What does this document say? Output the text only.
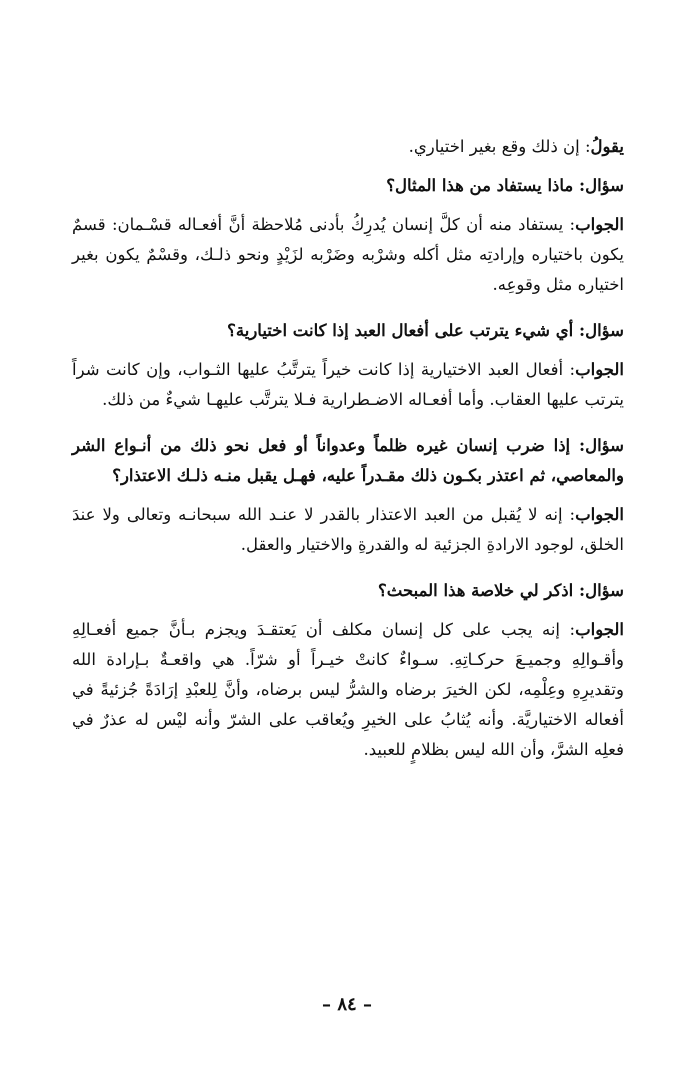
يقولُ: إن ذلك وقع بغير اختياري.

سؤال: ماذا يستفاد من هذا المثال؟

الجواب: يستفاد منه أن كلَّ إنسان يُدرِكُ بأدنى مُلاحظة أنَّ أفعـاله قسْـمان: قسمٌ يكون باختياره وإرادتِه مثل أكله وشرْبه وضَرْبه لزَيْدٍ ونحو ذلـك، وقسْمٌ يكون بغير اختياره مثل وقوعِه.

سؤال: أي شيء يترتب على أفعال العبد إذا كانت اختيارية؟

الجواب: أفعال العبد الاختيارية إذا كانت خيراً يترتَّبُ عليها الثـواب، وإن كانت شراً يترتب عليها العقاب. وأما أفعـاله الاضـطرارية فـلا يترتَّب عليهـا شيءٌ من ذلك.

سؤال: إذا ضرب إنسان غيره ظلماً وعدواناً أو فعل نحو ذلك من أنـواع الشر والمعاصي، ثم اعتذر بكـون ذلك مقـدراً عليه، فهـل يقبل منـه ذلـك الاعتذار؟

الجواب: إنه لا يُقبل من العبد الاعتذار بالقدر لا عنـد الله سبحانـه وتعالى ولا عندَ الخلق، لوجود الارادةِ الجزئية له والقدرةِ والاختيار والعقل.

سؤال: اذكر لي خلاصة هذا المبحث؟

الجواب: إنه يجب على كل إنسان مكلف أن يَعتقـدَ ويجزم بـأنَّ جميع أفعـالِهِ وأقـوالِهِ وجميـعَ حركـاتِهِ. سـواءٌ كانتْ خيـراً أو شرّاً. هي واقعـةٌ بـإرادة الله وتقديرِهِ وعِلْمِه، لكن الخيرَ برضاه والشرُّ ليس برضاه، وأنَّ لِلعبْدِ إرَادَةً جُزئيةً في أفعاله الاختياريَّة. وأنه يُثابُ على الخيرِ ويُعاقب على الشرّ وأنه ليْس له عذرٌ في فعلِه الشرَّ، وأن الله ليس بظلامٍ للعبيد.

– ٨٤ –
